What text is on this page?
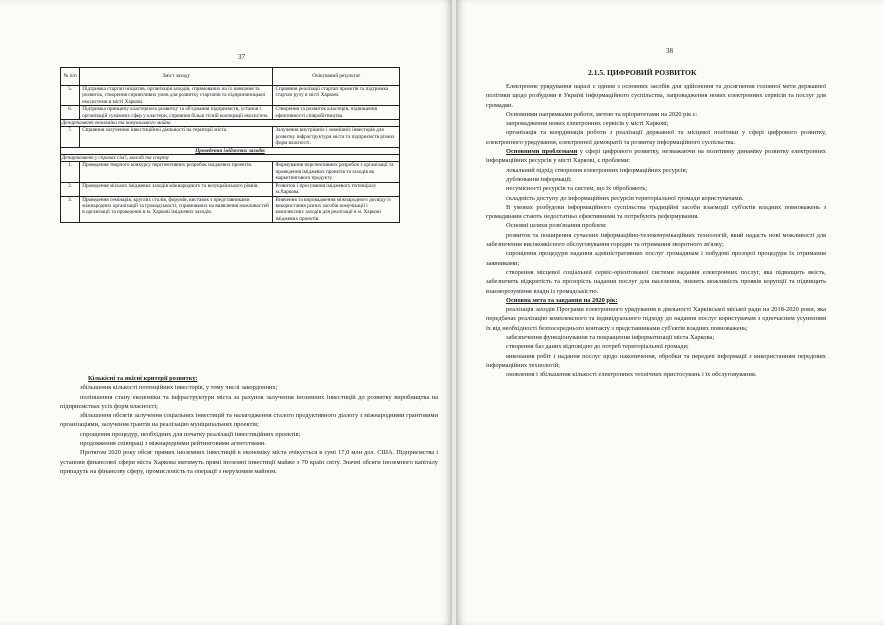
37
№ п/п	Зміст заходу	Очікуваний результат
5.	Підтримка стартап ініціатив, організація заходів, спрямованих на їх навчання та розвиток, створення сприятливих умов для розвитку стартапів та підприємницької екосистеми в місті Харкові.	Сприяння реалізації стартап проектів та підтримка стартап руху в місті Харкові.
6.	Підтримка принципу кластерного розвитку та об'єднання підприємств, установ і організацій суміжних сфер у кластери, сприяння більш тісній кооперації екосистем.	Створення та розвиток кластерів, підвищення ефективності співробітництва.
Департамент економіки та комунального майна		
7.	Сприяння залученню інвестиційної діяльності на території міста.	Залучення внутрішніх і зовнішніх інвесторів для розвитку інфраструктури міста та підприємств різних форм власності.
Проведення іміджевих заходів		
Департамент у справах сім'ї, молоді та спорту		
1.	Проведення творчого конкурсу перспективних розробок іміджевих проектів.	Формування перспективних розробок з організації та проведення іміджевих проектів та заходів як маркетингового продукту.
2.	Проведення міських іміджевих заходів міжнародного та всеукраїнського рівнів.	Розвиток і просування іміджевого потенціалу м.Харкова.
3.	Проведення семінарів, круглих столів, форумів, виставок з представниками міжнародних організацій та громадськості, спрямованих на виявлення можливостей в організації та проведенні в м. Харкові іміджевих заходів.	Вивчення та впровадження міжнародного досвіду із використання різних засобів комунікації і комплексних заходів для реалізації в м. Харкові іміджевих проектів.

Кількісні та якісні критерії розвитку:

збільшення кількості потенційних інвесторів, у тому числі закордонних;

поліпшення стану економіки та інфраструктури міста за рахунок залучення іноземних інвестицій до розвитку виробництва на підприємствах усіх форм власності;

збільшення обсягів залучення соціальних інвестицій та налагодження сталого продуктивного діалогу з міжнародними грантовими організаціями, залучення грантів на реалізацію муніципальних проектів;

спрощення процедур, необхідних для початку реалізації інвестиційних проектів;

продовження співпраці з міжнародними рейтинговими агентствами.

Протягом 2020 року обсяг прямих іноземних інвестицій в економіку міста очікується в сумі 17,0 млн дол. США. Підприємства і установи фінансової сфери міста Харкова матимуть прямі іноземні інвестиції майже з 70 країн світу. Значні обсяги іноземного капіталу припадуть на фінансову сферу, промисловість та операції з нерухомим майном.

38
2.1.5. ЦИФРОВИЙ РОЗВИТОК

Електронне урядування наразі є одним з основних засобів для здійснення та досягнення головної мети державної політики щодо розбудови в Україні інформаційного суспільства, запровадження нових електронних сервісів та послуг для громадян.

Основними напрямками роботи, метою та пріоритетами на 2020 рік є:

запровадження нових електронних сервісів у місті Харкові;

організація та координація роботи з реалізації державної та місцевої політики у сфері цифрового розвитку, електронного урядування, електронної демократії та розвитку інформаційного суспільства.

Основними проблемами у сфері цифрового розвитку, незважаючи на позитивну динаміку розвитку електронних інформаційних ресурсів у місті Харкові, є проблеми:

локальний підхід створення електронних інформаційних ресурсів;

дублювання інформації;

несумісності ресурсів та систем, що їх обробляють;

складність доступу до інформаційних ресурсів територіальної громади користувачами.

В умовах розбудови інформаційного суспільства традиційні засоби взаємодії суб'єктів владних повноважень з громадянами стають недостатньо ефективними та потребують реформування.

Основні шляхи розв'язання проблем:

розвиток та поширення сучасних інформаційно-телекомунікаційних технологій, який надасть нові можливості для забезпечення високоякісного обслуговування городян та отримання зворотного зв'язку;

спрощення процедури надання адміністративних послуг громадянам і побудові прозорої процедури їх отримання заявниками;

створення місцевої соціальної сервіс-орієнтованої системи надання електронних послуг, яка підвищить якість, забезпечить відкритість та прозорість надання послуг для населення, знизить можливість проявів корупції та підвищить взаєморозуміння влади із громадськістю.

Основна мета та завдання на 2020 рік:

реалізація заходів Програми електронного урядування в діяльності Харківської міської ради на 2018-2020 роки, яка передбачає реалізацію комплексного та індивідуального підходу до надання послуг користувачам з одночасним усуненням їх від необхідності безпосереднього контакту з представниками суб'єктів владних повноважень;

забезпечення функціонування та покращення інформатизації міста Харкова;

створення баз даних відповідно до потреб територіальної громади;

виконання робіт і надання послуг щодо накопичення, обробки та передачі інформації з використанням передових інформаційних технологій;

оновлення і збільшення кількості електронних технічних пристосувань і їх обслуговування.
